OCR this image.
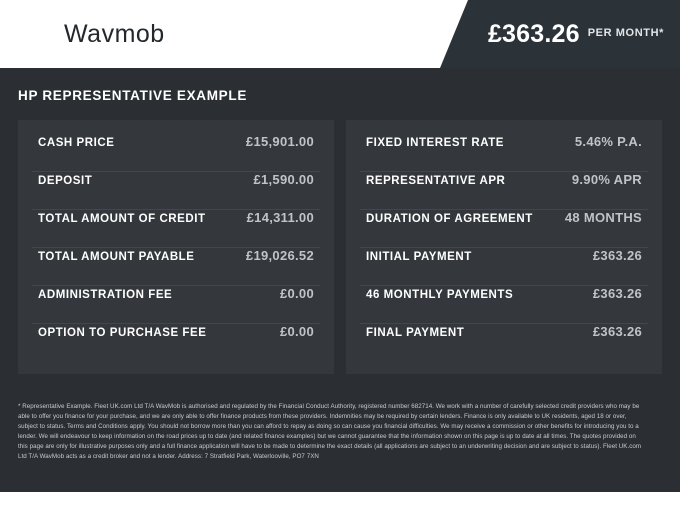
Wavmob	£363.26 PER MONTH*
HP REPRESENTATIVE EXAMPLE
CASH PRICE	£15,901.00
DEPOSIT	£1,590.00
TOTAL AMOUNT OF CREDIT	£14,311.00
TOTAL AMOUNT PAYABLE	£19,026.52
ADMINISTRATION FEE	£0.00
OPTION TO PURCHASE FEE	£0.00
FIXED INTEREST RATE	5.46% P.A.
REPRESENTATIVE APR	9.90% APR
DURATION OF AGREEMENT 48 MONTHS
INITIAL PAYMENT	£363.26
46 MONTHLY PAYMENTS	£363.26
FINAL PAYMENT	£363.26
* Representative Example. Fleet UK.com Ltd T/A WavMob is authorised and regulated by the Financial Conduct Authority, registered number 682714. We work with a number of carefully selected credit providers who may be able to offer you finance for your purchase, and we are only able to offer finance products from these providers. Indemnities may be required by certain lenders. Finance is only available to UK residents, aged 18 or over, subject to status. Terms and Conditions apply. You should not borrow more than you can afford to repay as doing so can cause you financial difficulties. We may receive a commission or other benefits for introducing you to a lender. We will endeavour to keep information on the road prices up to date (and related finance examples) but we cannot guarantee that the information shown on this page is up to date at all times. The quotes provided on this page are only for illustrative purposes only and a full finance application will have to be made to determine the exact details (all applications are subject to an underwriting decision and are subject to status). Fleet UK.com Ltd T/A WavMob acts as a credit broker and not a lender. Address: 7 Stratfield Park, Waterlooville, PO7 7XN
